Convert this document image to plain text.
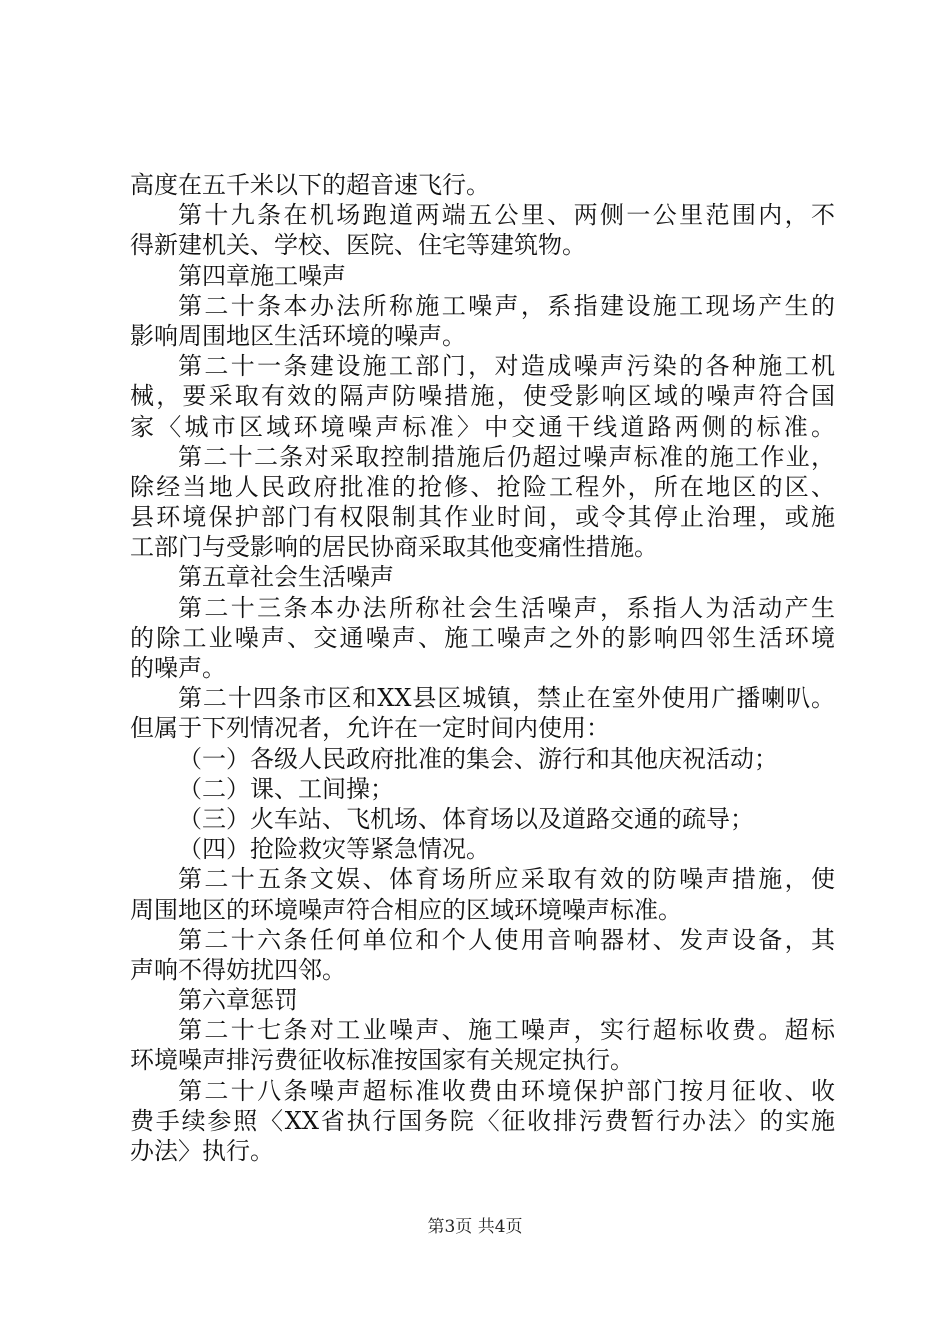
高度在五千米以下的超音速飞行。
第十九条在机场跑道两端五公里、两侧一公里范围内，不
得新建机关、学校、医院、住宅等建筑物。
第四章施工噪声
第二十条本办法所称施工噪声，系指建设施工现场产生的
影响周围地区生活环境的噪声。
第二十一条建设施工部门，对造成噪声污染的各种施工机
械，要采取有效的隔声防噪措施，使受影响区域的噪声符合国
家〈城市区域环境噪声标准〉中交通干线道路两侧的标准。
第二十二条对采取控制措施后仍超过噪声标准的施工作业，
除经当地人民政府批准的抢修、抢险工程外，所在地区的区、
县环境保护部门有权限制其作业时间，或令其停止治理，或施
工部门与受影响的居民协商采取其他变痛性措施。
第五章社会生活噪声
第二十三条本办法所称社会生活噪声，系指人为活动产生
的除工业噪声、交通噪声、施工噪声之外的影响四邻生活环境
的噪声。
第二十四条市区和XX县区城镇，禁止在室外使用广播喇叭。
但属于下列情况者，允许在一定时间内使用：
（一）各级人民政府批准的集会、游行和其他庆祝活动；
（二）课、工间操；
（三）火车站、飞机场、体育场以及道路交通的疏导；
（四）抢险救灾等紧急情况。
第二十五条文娱、体育场所应采取有效的防噪声措施，使
周围地区的环境噪声符合相应的区域环境噪声标准。
第二十六条任何单位和个人使用音响器材、发声设备，其
声响不得妨扰四邻。
第六章惩罚
第二十七条对工业噪声、施工噪声，实行超标收费。超标
环境噪声排污费征收标准按国家有关规定执行。
第二十八条噪声超标准收费由环境保护部门按月征收、收
费手续参照〈XX省执行国务院〈征收排污费暂行办法〉的实施
办法〉执行。
第3页 共4页
